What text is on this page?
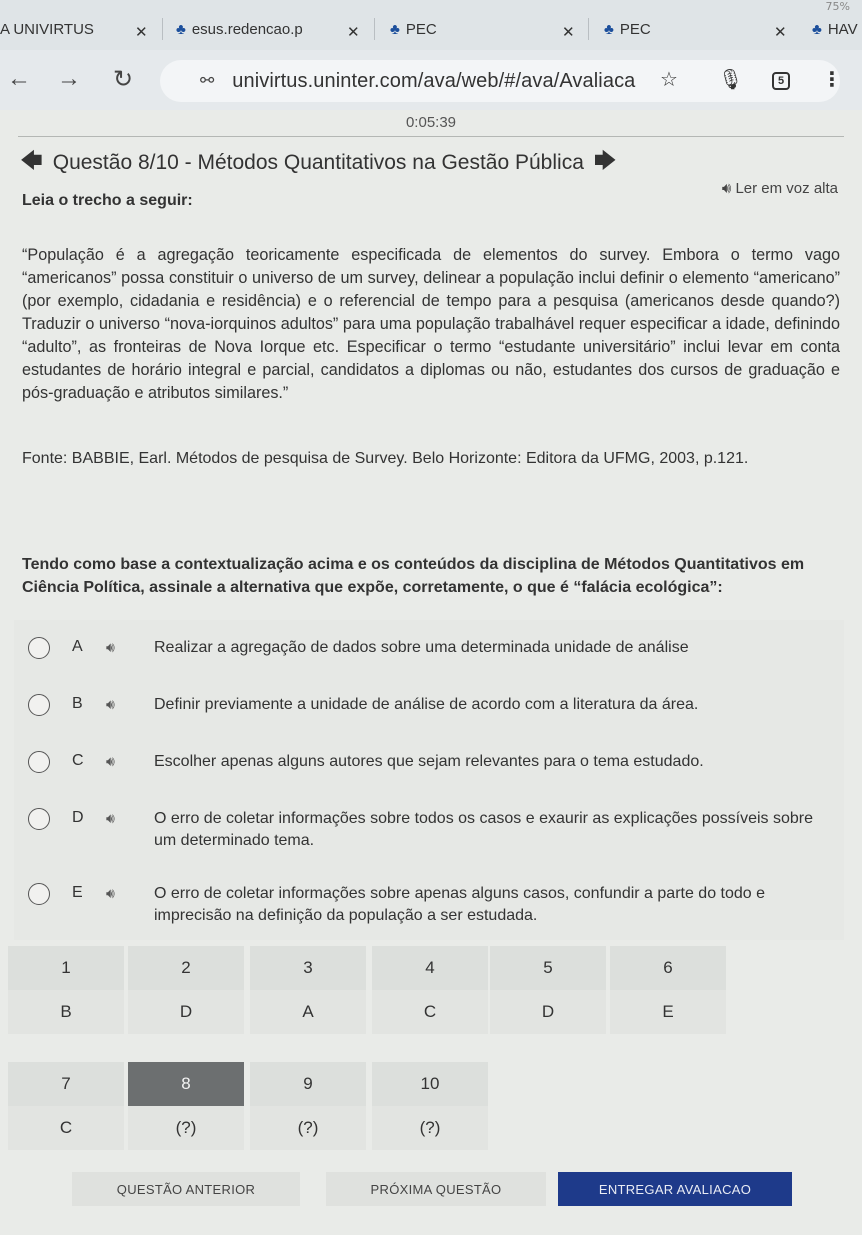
75%
A UNIVIRTUS	✕ ♣ esus.redencao.p	✕ ♣ PEC	✕ ♣ PEC	✕ ♣ HAV
← → ↻	⚯ univirtus.uninter.com/ava/web/#/ava/Avaliaca ☆ 🎙	5 ⋮
0:05:39
🡄 Questão 8/10 - Métodos Quantitativos na Gestão Pública 🡆
🔊︎ Ler em voz alta
Leia o trecho a seguir:
“População é a agregação teoricamente especificada de elementos do survey. Embora o termo vago “americanos” possa constituir o universo de um survey, delinear a população inclui definir o elemento “americano” (por exemplo, cidadania e residência) e o referencial de tempo para a pesquisa (americanos desde quando?) Traduzir o universo “nova-iorquinos adultos” para uma população trabalhável requer especificar a idade, definindo “adulto”, as fronteiras de Nova Iorque etc. Especificar o termo “estudante universitário” inclui levar em conta estudantes de horário integral e parcial, candidatos a diplomas ou não, estudantes dos cursos de graduação e pós-graduação e atributos similares.”
Fonte: BABBIE, Earl. Métodos de pesquisa de Survey. Belo Horizonte: Editora da UFMG, 2003, p.121.
Tendo como base a contextualização acima e os conteúdos da disciplina de Métodos Quantitativos em Ciência Política, assinale a alternativa que expõe, corretamente, o que é “falácia ecológica”:
A 🔊︎ Realizar a agregação de dados sobre uma determinada unidade de análise
B 🔊︎ Definir previamente a unidade de análise de acordo com a literatura da área.
C 🔊︎ Escolher apenas alguns autores que sejam relevantes para o tema estudado.
D 🔊︎ O erro de coletar informações sobre todos os casos e exaurir as explicações possíveis sobre um determinado tema.
E 🔊︎ O erro de coletar informações sobre apenas alguns casos, confundir a parte do todo e imprecisão na definição da população a ser estudada.
1	2	3	4	5	6
B	D	A	C	D	E
7	8	9	10
C	(?)	(?)	(?)
QUESTÃO ANTERIOR	PRÓXIMA QUESTÃO	ENTREGAR AVALIACAO
